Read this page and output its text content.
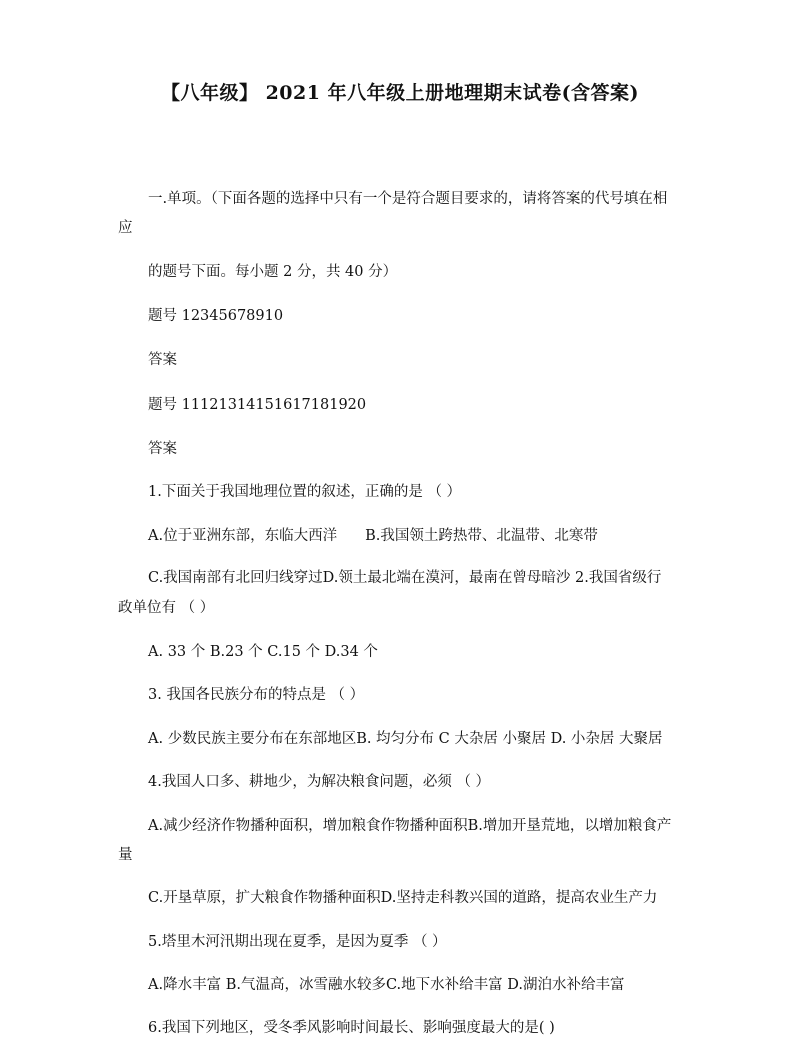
【八年级】 2021 年八年级上册地理期末试卷(含答案)
一.单项。（下面各题的选择中只有一个是符合题目要求的，请将答案的代号填在相
应
的题号下面。每小题 2 分，共 40 分）
题号 12345678910
答案
题号 11121314151617181920
答案
1.下面关于我国地理位置的叙述，正确的是 （ ）
A.位于亚洲东部，东临大西洋 B.我国领土跨热带、北温带、北寒带
C.我国南部有北回归线穿过D.领土最北端在漠河，最南在曾母暗沙 2.我国省级行
政单位有 （ ）
A. 33 个 B.23 个 C.15 个 D.34 个
3. 我国各民族分布的特点是 （ ）
A. 少数民族主要分布在东部地区B. 均匀分布 C 大杂居 小聚居 D. 小杂居 大聚居
4.我国人口多、耕地少，为解决粮食问题，必须 （ ）
A.减少经济作物播种面积，增加粮食作物播种面积B.增加开垦荒地，以增加粮食产
量
C.开垦草原，扩大粮食作物播种面积D.坚持走科教兴国的道路，提高农业生产力
5.塔里木河汛期出现在夏季，是因为夏季 （ ）
A.降水丰富 B.气温高，冰雪融水较多C.地下水补给丰富 D.湖泊水补给丰富
6.我国下列地区，受冬季风影响时间最长、影响强度最大的是( )
